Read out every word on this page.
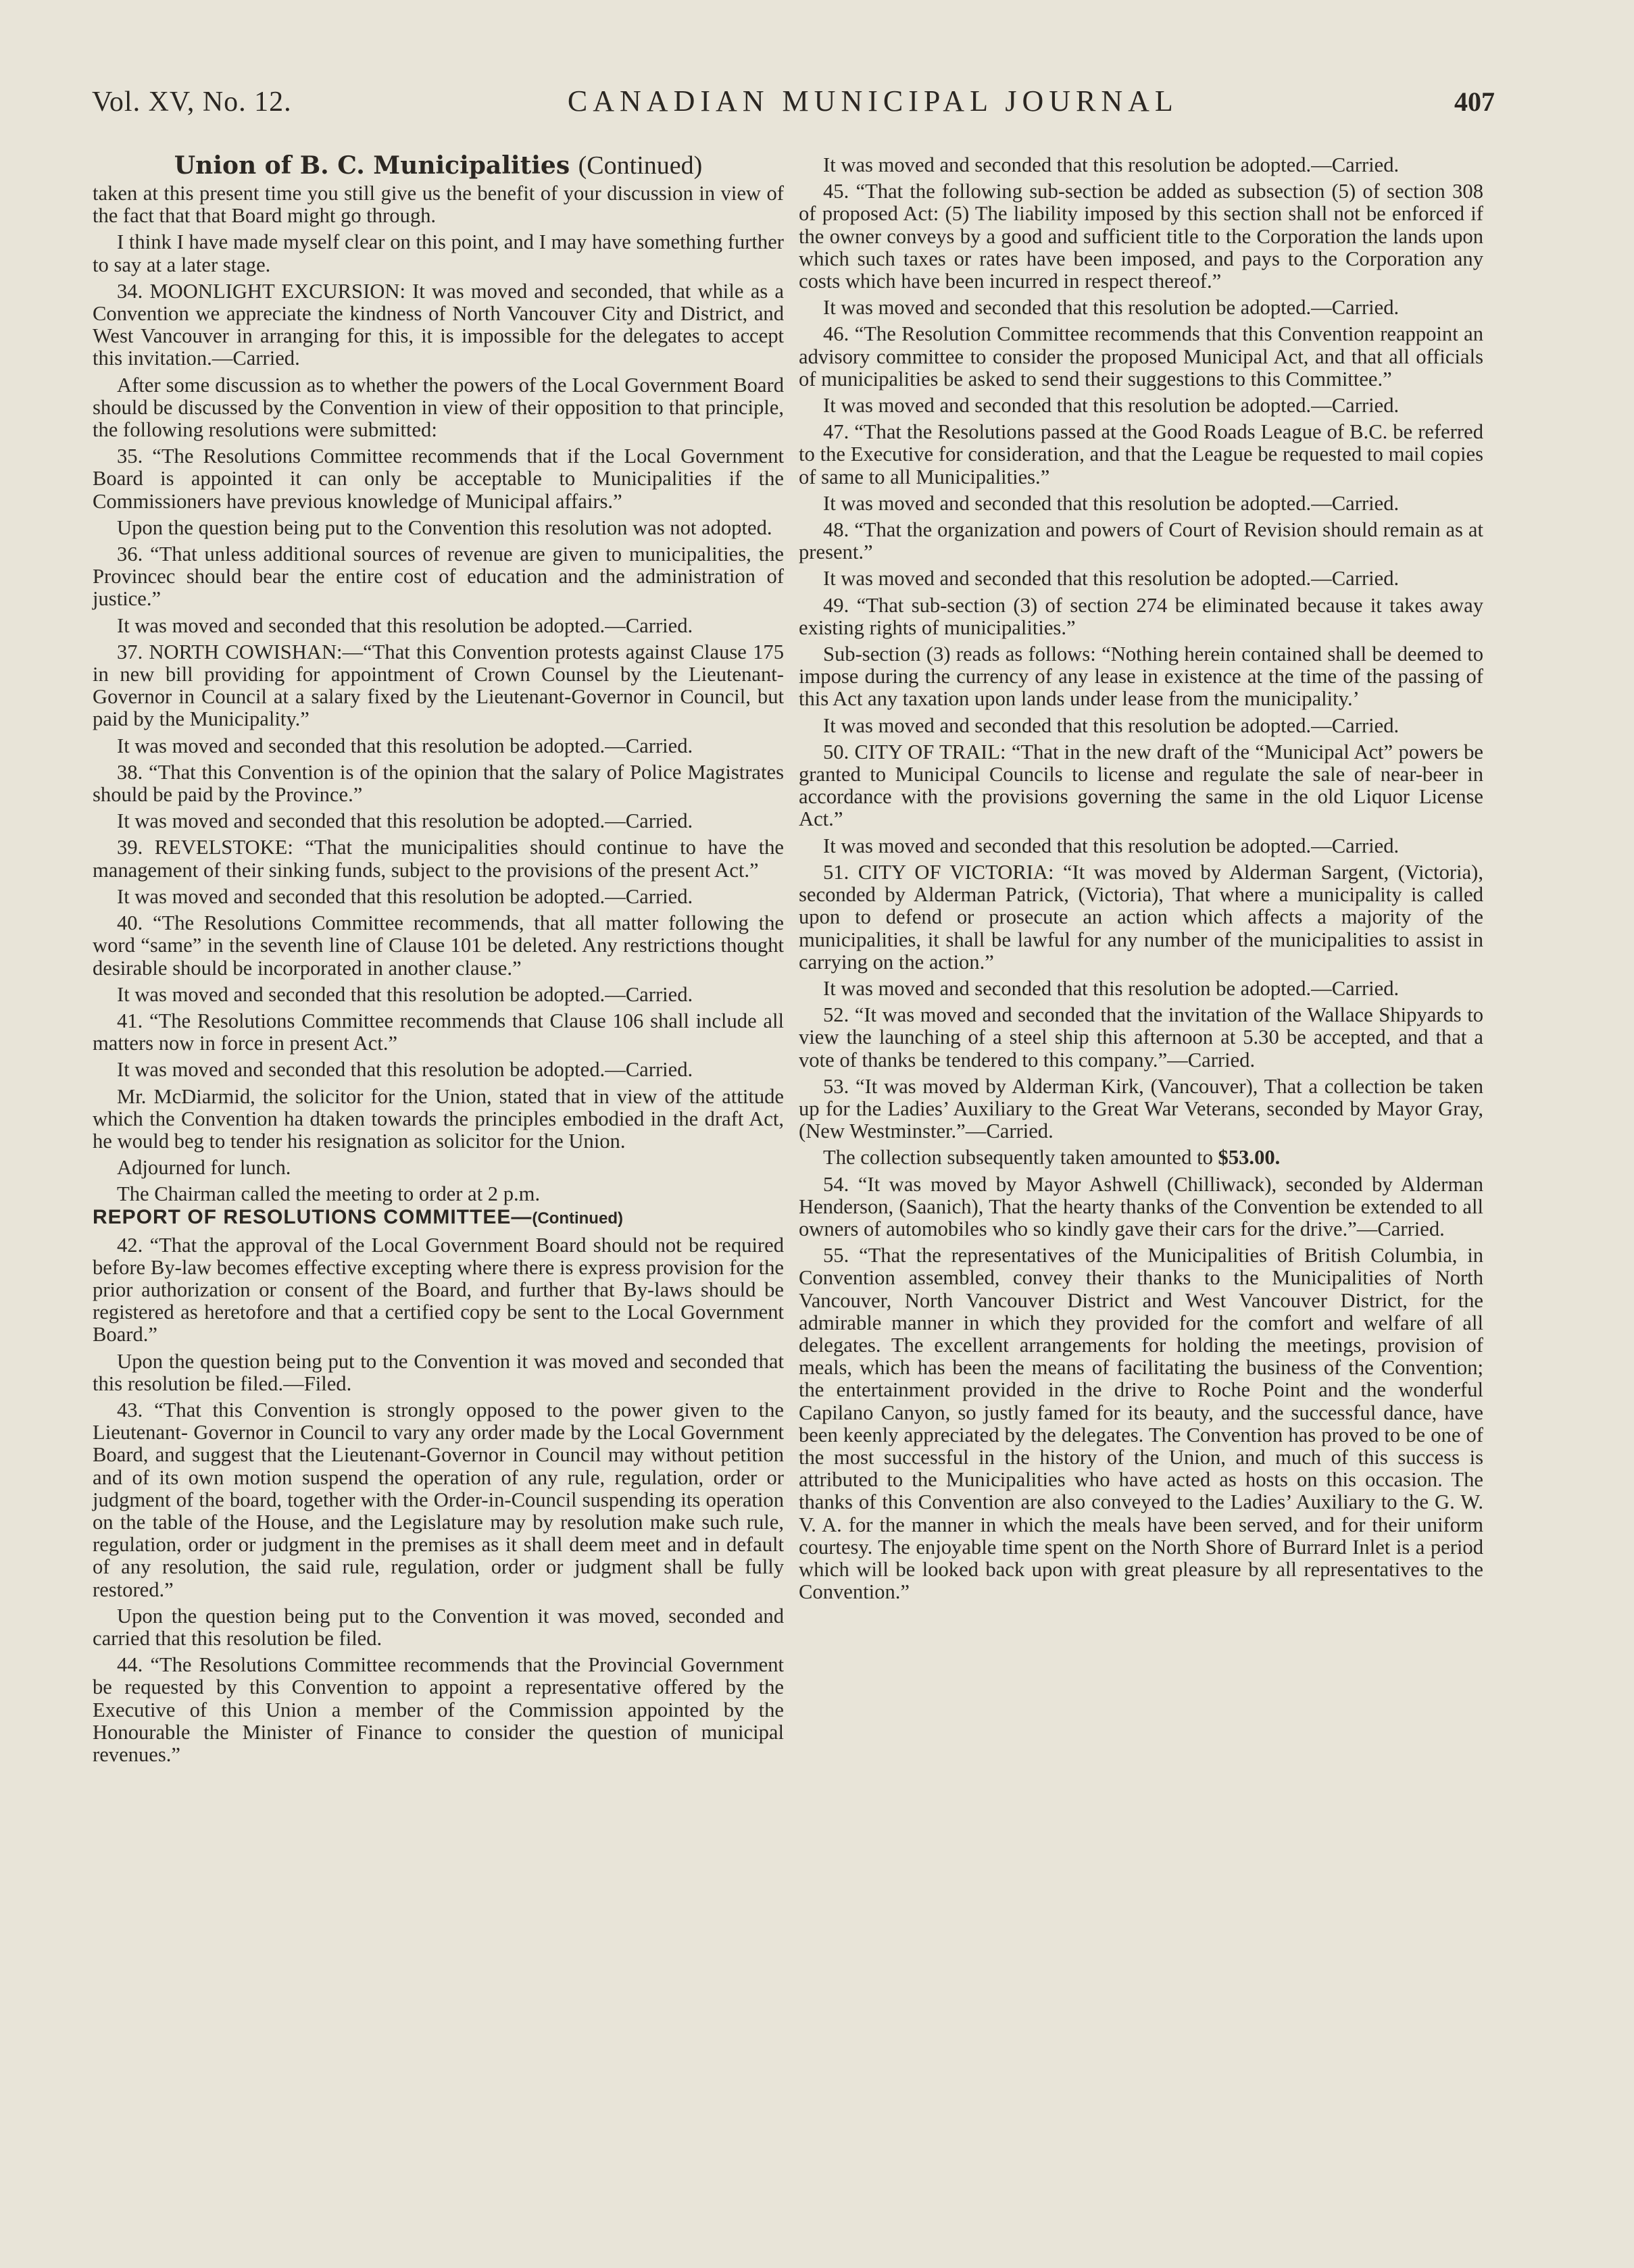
Vol. XV, No. 12.	CANADIAN MUNICIPAL JOURNAL	407
Union of B. C. Municipalities (Continued)

taken at this present time you still give us the benefit of your discussion in view of the fact that that Board might go through.

I think I have made myself clear on this point, and I may have something further to say at a later stage.

34. MOONLIGHT EXCURSION: It was moved and seconded, that while as a Convention we appreciate the kindness of North Vancouver City and District, and West Vancouver in arranging for this, it is impossible for the delegates to accept this invitation.—Carried.

After some discussion as to whether the powers of the Local Government Board should be discussed by the Convention in view of their opposition to that principle, the following resolutions were submitted:

35. “The Resolutions Committee recommends that if the Local Government Board is appointed it can only be acceptable to Municipalities if the Commissioners have previous knowledge of Municipal affairs.”

Upon the question being put to the Convention this resolution was not adopted.

36. “That unless additional sources of revenue are given to municipalities, the Provincec should bear the entire cost of education and the administration of justice.”

It was moved and seconded that this resolution be adopted.—Carried.

37. NORTH COWISHAN:—“That this Convention protests against Clause 175 in new bill providing for appointment of Crown Counsel by the Lieutenant-Governor in Council at a salary fixed by the Lieutenant-Governor in Council, but paid by the Municipality.”

It was moved and seconded that this resolution be adopted.—Carried.

38. “That this Convention is of the opinion that the salary of Police Magistrates should be paid by the Province.”

It was moved and seconded that this resolution be adopted.—Carried.

39. REVELSTOKE: “That the municipalities should continue to have the management of their sinking funds, subject to the provisions of the present Act.”

It was moved and seconded that this resolution be adopted.—Carried.

40. “The Resolutions Committee recommends, that all matter following the word “same” in the seventh line of Clause 101 be deleted. Any restrictions thought desirable should be incorporated in another clause.”

It was moved and seconded that this resolution be adopted.—Carried.

41. “The Resolutions Committee recommends that Clause 106 shall include all matters now in force in present Act.”

It was moved and seconded that this resolution be adopted.—Carried.

Mr. McDiarmid, the solicitor for the Union, stated that in view of the attitude which the Convention ha dtaken towards the principles embodied in the draft Act, he would beg to tender his resignation as solicitor for the Union.

Adjourned for lunch.

The Chairman called the meeting to order at 2 p.m.

REPORT OF RESOLUTIONS COMMITTEE—(Continued)

42. “That the approval of the Local Government Board should not be required before By-law becomes effective excepting where there is express provision for the prior authorization or consent of the Board, and further that By-laws should be registered as heretofore and that a certified copy be sent to the Local Government Board.”

Upon the question being put to the Convention it was moved and seconded that this resolution be filed.—Filed.

43. “That this Convention is strongly opposed to the power given to the Lieutenant- Governor in Council to vary any order made by the Local Government Board, and suggest that the Lieutenant-Governor in Council may without petition and of its own motion suspend the operation of any rule, regulation, order or judgment of the board, together with the Order-in-Council suspending its operation on the table of the House, and the Legislature may by resolution make such rule, regulation, order or judgment in the premises as it shall deem meet and in default of any resolution, the said rule, regulation, order or judgment shall be fully restored.”

Upon the question being put to the Convention it was moved, seconded and carried that this resolution be filed.

44. “The Resolutions Committee recommends that the Provincial Government be requested by this Convention to appoint a representative offered by the Executive of this Union a member of the Commission appointed by the Honourable the Minister of Finance to consider the question of municipal revenues.”

It was moved and seconded that this resolution be adopted.—Carried.

45. “That the following sub-section be added as subsection (5) of section 308 of proposed Act: (5) The liability imposed by this section shall not be enforced if the owner conveys by a good and sufficient title to the Corporation the lands upon which such taxes or rates have been imposed, and pays to the Corporation any costs which have been incurred in respect thereof.”

It was moved and seconded that this resolution be adopted.—Carried.

46. “The Resolution Committee recommends that this Convention reappoint an advisory committee to consider the proposed Municipal Act, and that all officials of municipalities be asked to send their suggestions to this Committee.”

It was moved and seconded that this resolution be adopted.—Carried.

47. “That the Resolutions passed at the Good Roads League of B.C. be referred to the Executive for consideration, and that the League be requested to mail copies of same to all Municipalities.”

It was moved and seconded that this resolution be adopted.—Carried.

48. “That the organization and powers of Court of Revision should remain as at present.”

It was moved and seconded that this resolution be adopted.—Carried.

49. “That sub-section (3) of section 274 be eliminated because it takes away existing rights of municipalities.”

Sub-section (3) reads as follows: “Nothing herein contained shall be deemed to impose during the currency of any lease in existence at the time of the passing of this Act any taxation upon lands under lease from the municipality.’

It was moved and seconded that this resolution be adopted.—Carried.

50. CITY OF TRAIL: “That in the new draft of the “Municipal Act” powers be granted to Municipal Councils to license and regulate the sale of near-beer in accordance with the provisions governing the same in the old Liquor License Act.”

It was moved and seconded that this resolution be adopted.—Carried.

51. CITY OF VICTORIA: “It was moved by Alderman Sargent, (Victoria), seconded by Alderman Patrick, (Victoria), That where a municipality is called upon to defend or prosecute an action which affects a majority of the municipalities, it shall be lawful for any number of the municipalities to assist in carrying on the action.”

It was moved and seconded that this resolution be adopted.—Carried.

52. “It was moved and seconded that the invitation of the Wallace Shipyards to view the launching of a steel ship this afternoon at 5.30 be accepted, and that a vote of thanks be tendered to this company.”—Carried.

53. “It was moved by Alderman Kirk, (Vancouver), That a collection be taken up for the Ladies’ Auxiliary to the Great War Veterans, seconded by Mayor Gray, (New Westminster.”—Carried.

The collection subsequently taken amounted to $53.00.

54. “It was moved by Mayor Ashwell (Chilliwack), seconded by Alderman Henderson, (Saanich), That the hearty thanks of the Convention be extended to all owners of automobiles who so kindly gave their cars for the drive.”—Carried.

55. “That the representatives of the Municipalities of British Columbia, in Convention assembled, convey their thanks to the Municipalities of North Vancouver, North Vancouver District and West Vancouver District, for the admirable manner in which they provided for the comfort and welfare of all delegates. The excellent arrangements for holding the meetings, provision of meals, which has been the means of facilitating the business of the Convention; the entertainment provided in the drive to Roche Point and the wonderful Capilano Canyon, so justly famed for its beauty, and the successful dance, have been keenly appreciated by the delegates. The Convention has proved to be one of the most successful in the history of the Union, and much of this success is attributed to the Municipalities who have acted as hosts on this occasion. The thanks of this Convention are also conveyed to the Ladies’ Auxiliary to the G. W. V. A. for the manner in which the meals have been served, and for their uniform courtesy. The enjoyable time spent on the North Shore of Burrard Inlet is a period which will be looked back upon with great pleasure by all representatives to the Convention.”
